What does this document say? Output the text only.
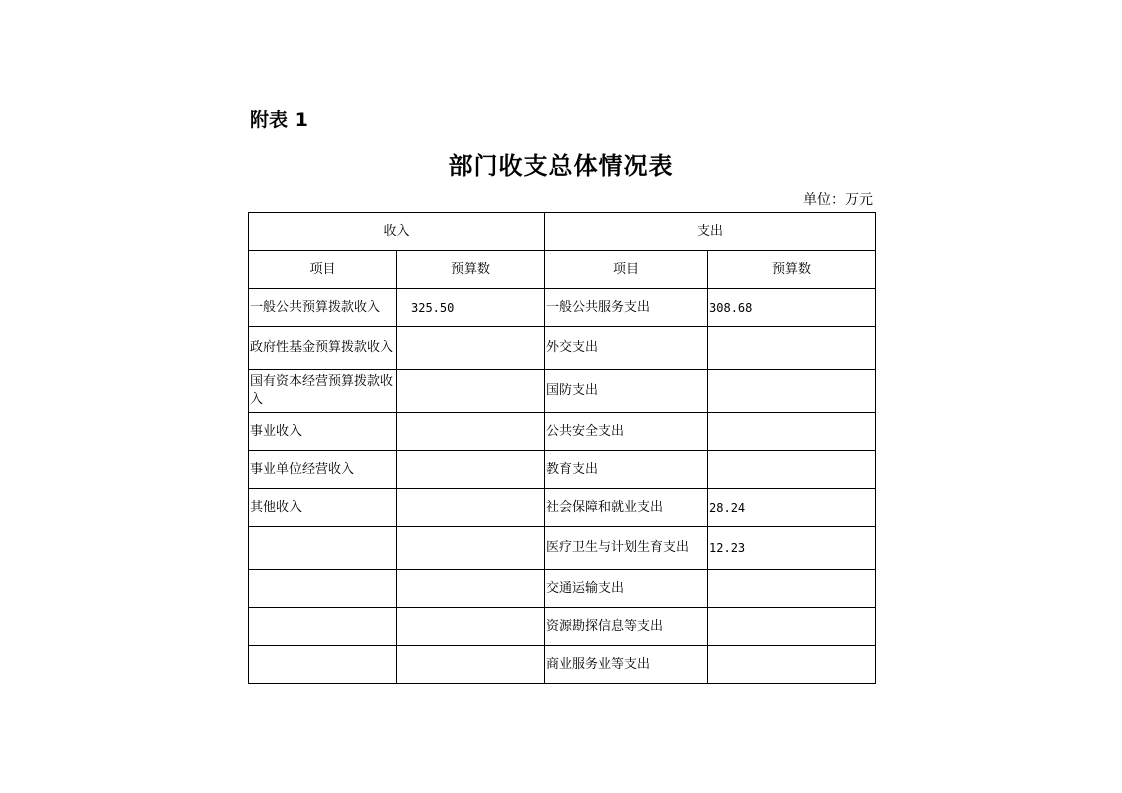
附表 1
部门收支总体情况表
单位：万元
收入		支出	
项目	预算数	项目	预算数
一般公共预算拨款收入	325.50	一般公共服务支出	308.68
政府性基金预算拨款收入		外交支出	
国有资本经营预算拨款收入		国防支出	
事业收入		公共安全支出	
事业单位经营收入		教育支出	
其他收入		社会保障和就业支出	28.24
		医疗卫生与计划生育支出	12.23
		交通运输支出	
		资源勘探信息等支出	
		商业服务业等支出	
